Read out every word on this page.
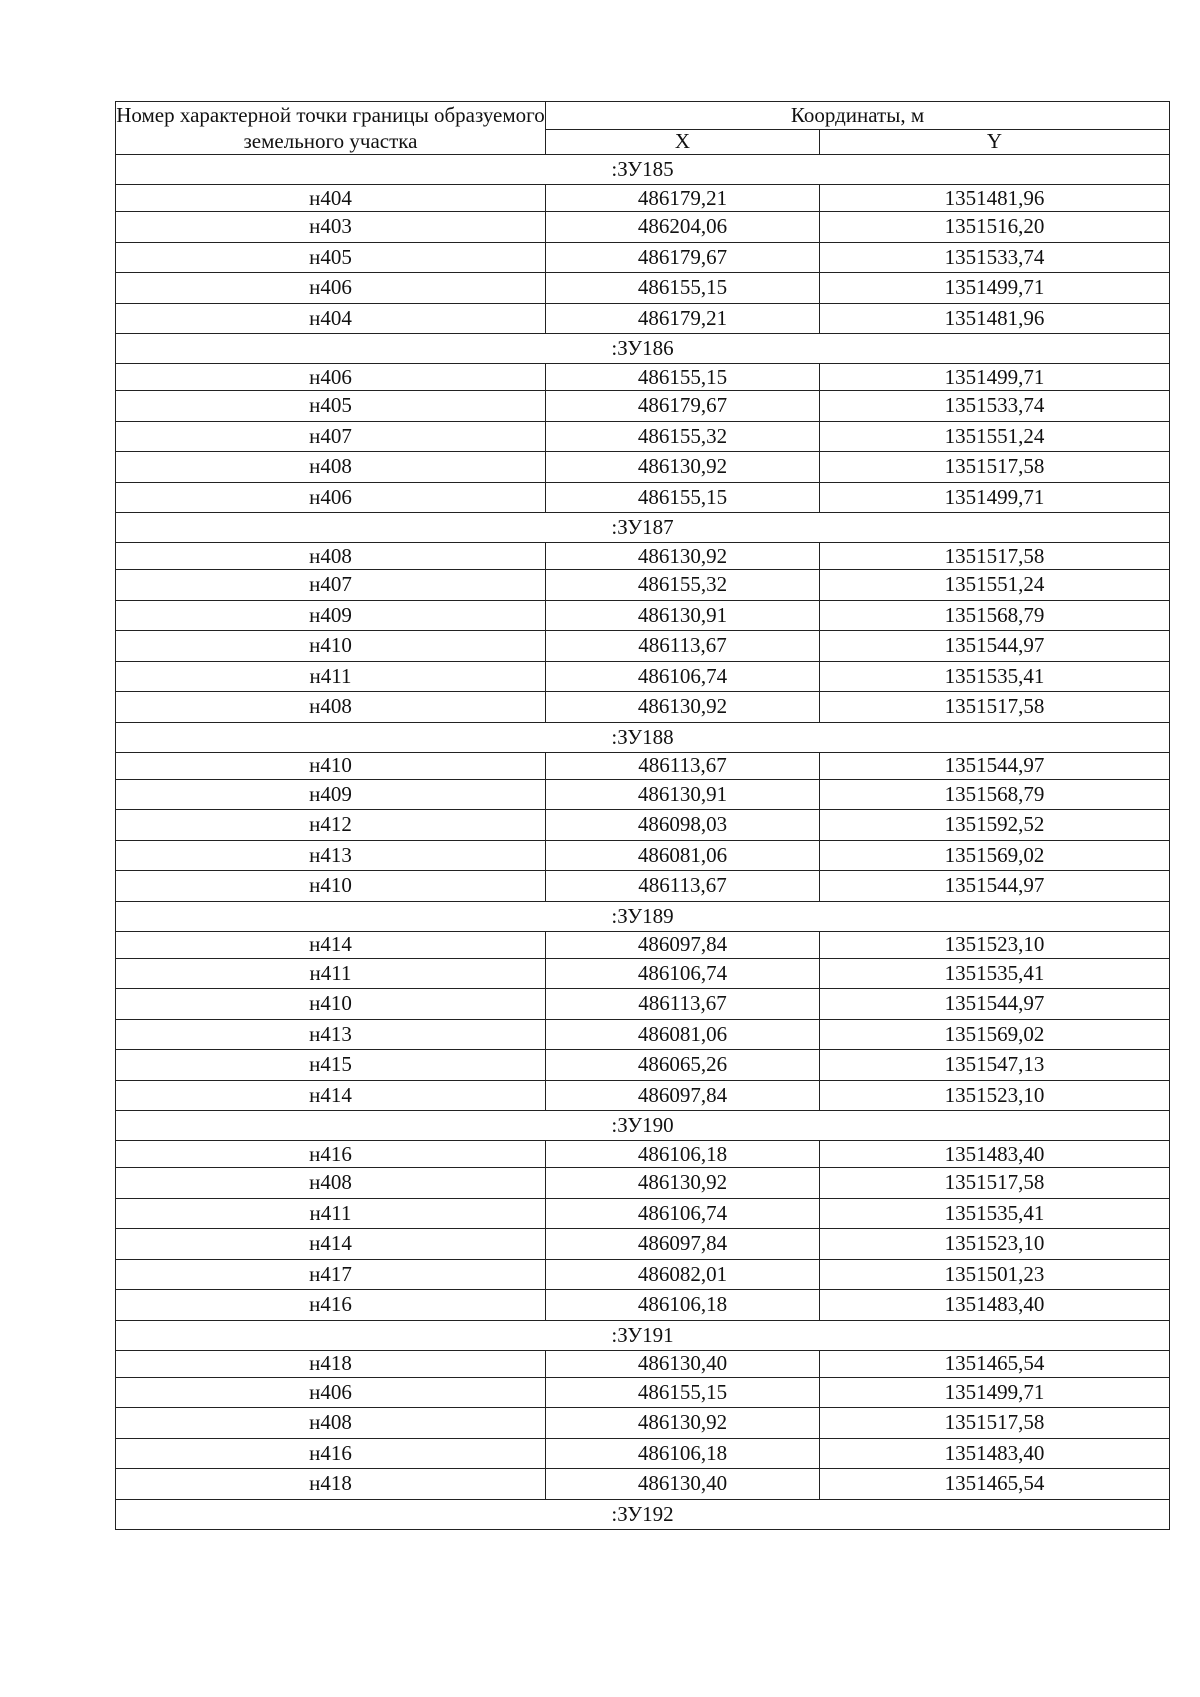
Номер характерной точки границы образуемого земельного участка	Координаты, м	
	X	Y
:ЗУ185		
н404	486179,21	1351481,96
н403	486204,06	1351516,20
н405	486179,67	1351533,74
н406	486155,15	1351499,71
н404	486179,21	1351481,96
:ЗУ186		
н406	486155,15	1351499,71
н405	486179,67	1351533,74
н407	486155,32	1351551,24
н408	486130,92	1351517,58
н406	486155,15	1351499,71
:ЗУ187		
н408	486130,92	1351517,58
н407	486155,32	1351551,24
н409	486130,91	1351568,79
н410	486113,67	1351544,97
н411	486106,74	1351535,41
н408	486130,92	1351517,58
:ЗУ188		
н410	486113,67	1351544,97
н409	486130,91	1351568,79
н412	486098,03	1351592,52
н413	486081,06	1351569,02
н410	486113,67	1351544,97
:ЗУ189		
н414	486097,84	1351523,10
н411	486106,74	1351535,41
н410	486113,67	1351544,97
н413	486081,06	1351569,02
н415	486065,26	1351547,13
н414	486097,84	1351523,10
:ЗУ190		
н416	486106,18	1351483,40
н408	486130,92	1351517,58
н411	486106,74	1351535,41
н414	486097,84	1351523,10
н417	486082,01	1351501,23
н416	486106,18	1351483,40
:ЗУ191		
н418	486130,40	1351465,54
н406	486155,15	1351499,71
н408	486130,92	1351517,58
н416	486106,18	1351483,40
н418	486130,40	1351465,54
:ЗУ192		
